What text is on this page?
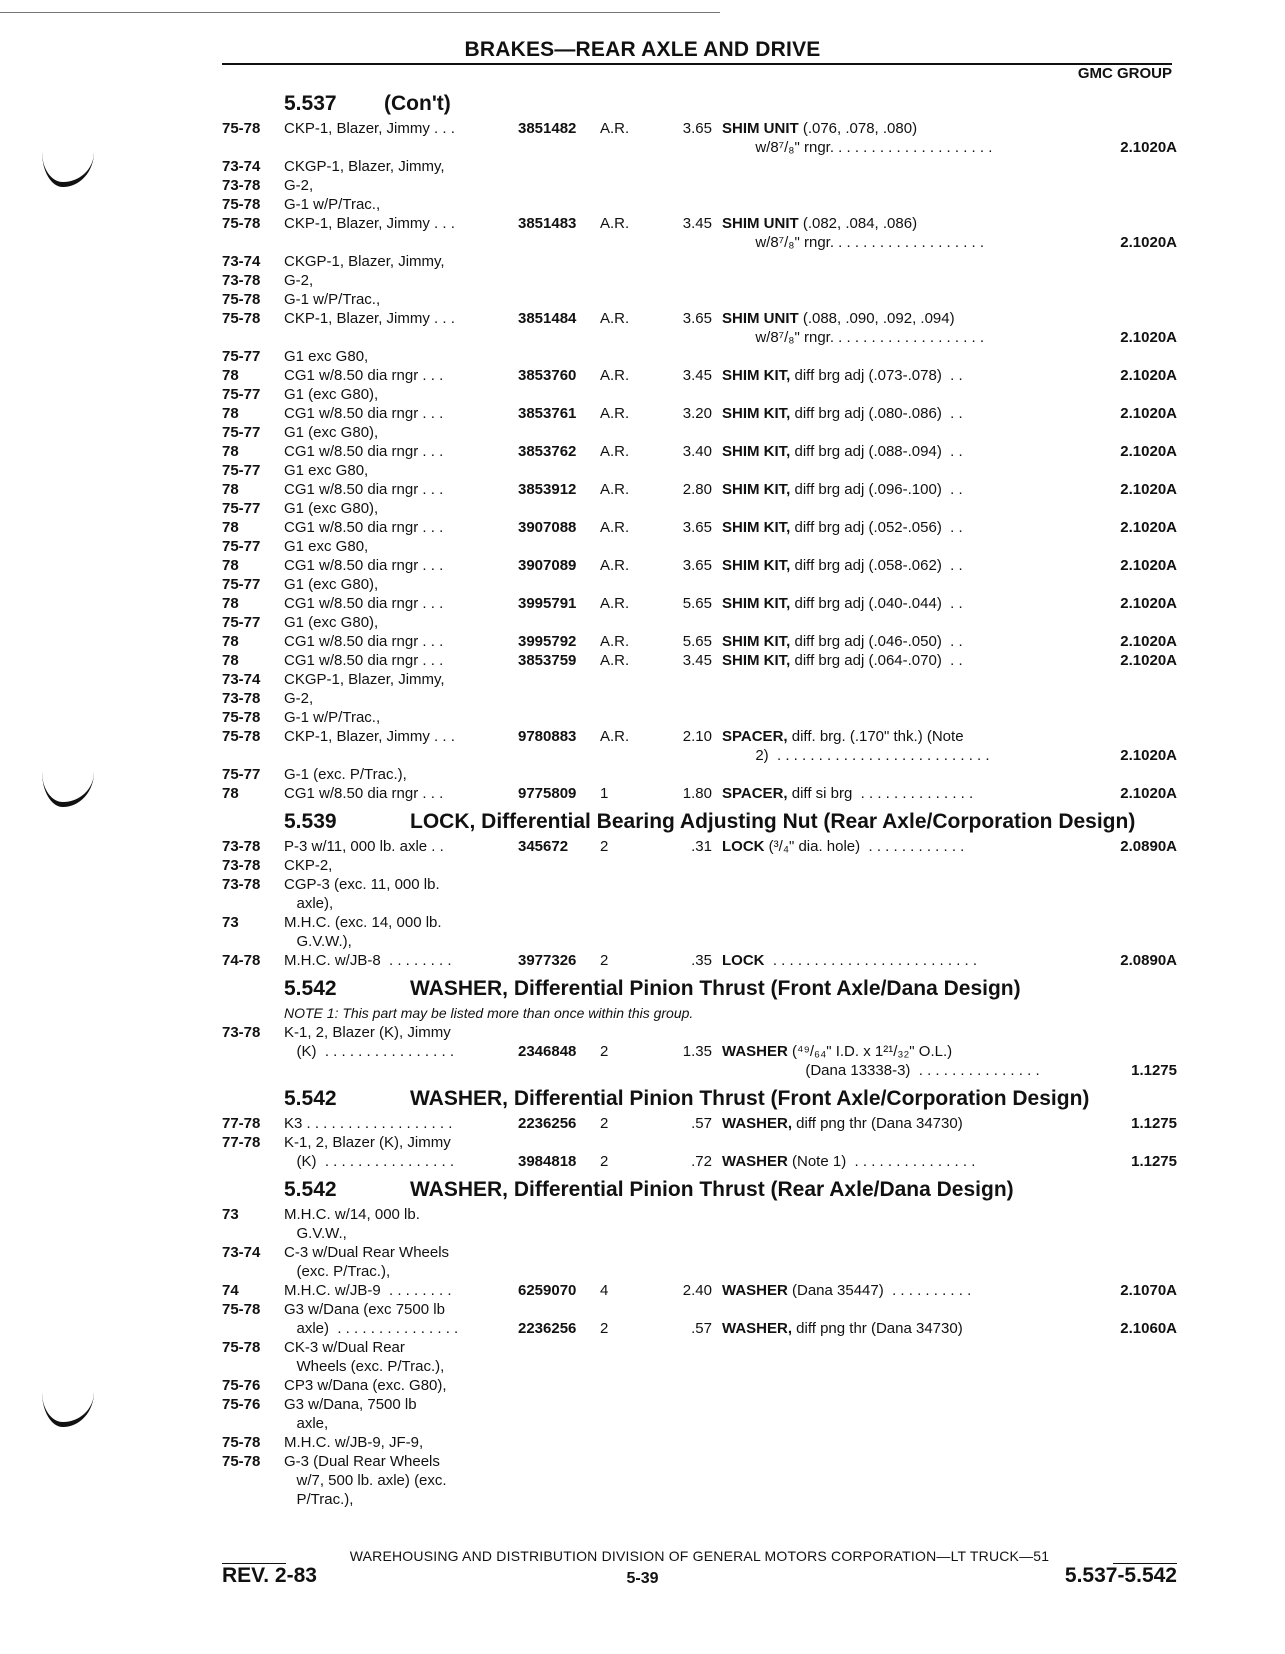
BRAKES—REAR AXLE AND DRIVE
GMC GROUP
5.537 (Con't)
75-78 CKP-1, Blazer, Jimmy . . .	3851482 A.R.	3.65 SHIM UNIT (.076, .078, .080)
w/8⁷/₈" rngr. . . . . . . . . . . . . . . . . . . .	2.1020A
73-74 CKGP-1, Blazer, Jimmy,
73-78 G-2,
75-78 G-1 w/P/Trac.,
75-78 CKP-1, Blazer, Jimmy . . .	3851483 A.R.	3.45 SHIM UNIT (.082, .084, .086)
w/8⁷/₈" rngr. . . . . . . . . . . . . . . . . . .	2.1020A
73-74 CKGP-1, Blazer, Jimmy,
73-78 G-2,
75-78 G-1 w/P/Trac.,
75-78 CKP-1, Blazer, Jimmy . . .	3851484 A.R.	3.65 SHIM UNIT (.088, .090, .092, .094)
w/8⁷/₈" rngr. . . . . . . . . . . . . . . . . . .	2.1020A
75-77 G1 exc G80,
78	CG1 w/8.50 dia rngr . . .	3853760 A.R.	3.45 SHIM KIT, diff brg adj (.073-.078)  . .	2.1020A
75-77 G1 (exc G80),
78	CG1 w/8.50 dia rngr . . .	3853761 A.R.	3.20 SHIM KIT, diff brg adj (.080-.086)  . .	2.1020A
75-77 G1 (exc G80),
78	CG1 w/8.50 dia rngr . . .	3853762 A.R.	3.40 SHIM KIT, diff brg adj (.088-.094)  . .	2.1020A
75-77 G1 exc G80,
78	CG1 w/8.50 dia rngr . . .	3853912 A.R.	2.80 SHIM KIT, diff brg adj (.096-.100)  . .	2.1020A
75-77 G1 (exc G80),
78	CG1 w/8.50 dia rngr . . .	3907088 A.R.	3.65 SHIM KIT, diff brg adj (.052-.056)  . .	2.1020A
75-77 G1 exc G80,
78	CG1 w/8.50 dia rngr . . .	3907089 A.R.	3.65 SHIM KIT, diff brg adj (.058-.062)  . .	2.1020A
75-77 G1 (exc G80),
78	CG1 w/8.50 dia rngr . . .	3995791 A.R.	5.65 SHIM KIT, diff brg adj (.040-.044)  . .	2.1020A
75-77 G1 (exc G80),
78	CG1 w/8.50 dia rngr . . .	3995792 A.R.	5.65 SHIM KIT, diff brg adj (.046-.050)  . .	2.1020A
78	CG1 w/8.50 dia rngr . . .	3853759 A.R.	3.45 SHIM KIT, diff brg adj (.064-.070)  . .	2.1020A
73-74 CKGP-1, Blazer, Jimmy,
73-78 G-2,
75-78 G-1 w/P/Trac.,
75-78 CKP-1, Blazer, Jimmy . . .	9780883 A.R.	2.10 SPACER, diff. brg. (.170" thk.) (Note
2)  . . . . . . . . . . . . . . . . . . . . . . . . . .	2.1020A
75-77 G-1 (exc. P/Trac.),
78	CG1 w/8.50 dia rngr . . .	9775809 1	1.80 SPACER, diff si brg  . . . . . . . . . . . . . .	2.1020A
5.539	LOCK, Differential Bearing Adjusting Nut (Rear Axle/Corporation Design)
73-78 P-3 w/11, 000 lb. axle . .	345672 2	.31 LOCK (³/₄" dia. hole)  . . . . . . . . . . . .	2.0890A
73-78 CKP-2,
73-78 CGP-3 (exc. 11, 000 lb.
axle),
73	M.H.C. (exc. 14, 000 lb.
G.V.W.),
74-78 M.H.C. w/JB-8  . . . . . . . .	3977326 2	.35 LOCK  . . . . . . . . . . . . . . . . . . . . . . . . .	2.0890A
5.542	WASHER, Differential Pinion Thrust (Front Axle/Dana Design)
NOTE 1: This part may be listed more than once within this group.
73-78 K-1, 2, Blazer (K), Jimmy
(K)  . . . . . . . . . . . . . . . .	2346848 2	1.35 WASHER (⁴⁹/₆₄" I.D. x 1²¹/₃₂" O.L.)
(Dana 13338-3)  . . . . . . . . . . . . . . .	1.1275
5.542	WASHER, Differential Pinion Thrust (Front Axle/Corporation Design)
77-78 K3 . . . . . . . . . . . . . . . . . .	2236256 2	.57 WASHER, diff png thr (Dana 34730)	1.1275
77-78 K-1, 2, Blazer (K), Jimmy
(K)  . . . . . . . . . . . . . . . .	3984818 2	.72 WASHER (Note 1)  . . . . . . . . . . . . . . .	1.1275
5.542	WASHER, Differential Pinion Thrust (Rear Axle/Dana Design)
73	M.H.C. w/14, 000 lb.
G.V.W.,
73-74 C-3 w/Dual Rear Wheels
(exc. P/Trac.),
74	M.H.C. w/JB-9  . . . . . . . .	6259070 4	2.40 WASHER (Dana 35447)  . . . . . . . . . .	2.1070A
75-78 G3 w/Dana (exc 7500 lb
axle)  . . . . . . . . . . . . . . .	2236256 2	.57 WASHER, diff png thr (Dana 34730)	2.1060A
75-78 CK-3 w/Dual Rear
Wheels (exc. P/Trac.),
75-76 CP3 w/Dana (exc. G80),
75-76 G3 w/Dana, 7500 lb
axle,
75-78 M.H.C. w/JB-9, JF-9,
75-78 G-3 (Dual Rear Wheels
w/7, 500 lb. axle) (exc.
P/Trac.),
WAREHOUSING AND DISTRIBUTION DIVISION OF GENERAL MOTORS CORPORATION—LT TRUCK—51
REV. 2-83	5-39	5.537-5.542
